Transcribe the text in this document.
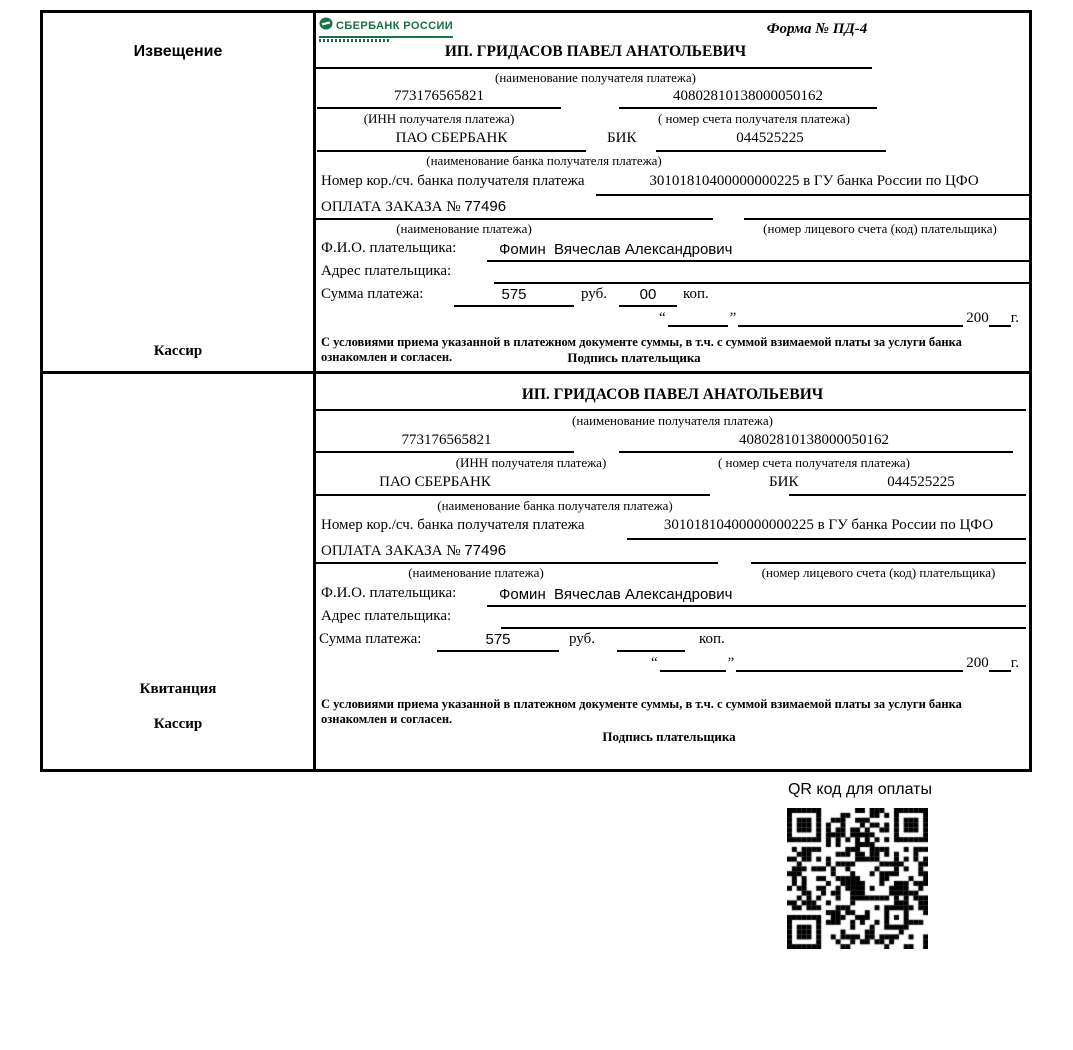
Извещение
Кассир
Квитанция
Кассир
СБЕРБАНК РОССИИ	Форма № ПД-4
ИП. ГРИДАСОВ ПАВЕЛ АНАТОЛЬЕВИЧ
(наименование получателя платежа)
773176565821	40802810138000050162
(ИНН получателя платежа)	( номер счета получателя платежа)
ПАО СБЕРБАНК	БИК	044525225
(наименование банка получателя платежа)
Номер кор./сч. банка получателя платежа	30101810400000000225 в ГУ банка России по ЦФО
ОПЛАТА ЗАКАЗА № 77496
(наименование платежа)	(номер лицевого счета (код) плательщика)
Ф.И.О. плательщика:	Фомин  Вячеслав Александрович
Адрес плательщика:
Сумма платежа:	575	руб.	00	коп.
“	”	200 г.
С условиями приема указанной в платежном документе суммы, в т.ч. с суммой взимаемой платы за услуги банка
ознакомлен и согласен.	Подпись плательщика
ИП. ГРИДАСОВ ПАВЕЛ АНАТОЛЬЕВИЧ
(наименование получателя платежа)
773176565821	40802810138000050162
(ИНН получателя платежа)	( номер счета получателя платежа)
ПАО СБЕРБАНК	БИК	044525225
(наименование банка получателя платежа)
Номер кор./сч. банка получателя платежа	30101810400000000225 в ГУ банка России по ЦФО
ОПЛАТА ЗАКАЗА № 77496
(наименование платежа)	(номер лицевого счета (код) плательщика)
Ф.И.О. плательщика:	Фомин  Вячеслав Александрович
Адрес плательщика:
Сумма платежа:	575	руб.	коп.
“	”	200 г.
С условиями приема указанной в платежном документе суммы, в т.ч. с суммой взимаемой платы за услуги банка
ознакомлен и согласен.
Подпись плательщика
QR код для оплаты
